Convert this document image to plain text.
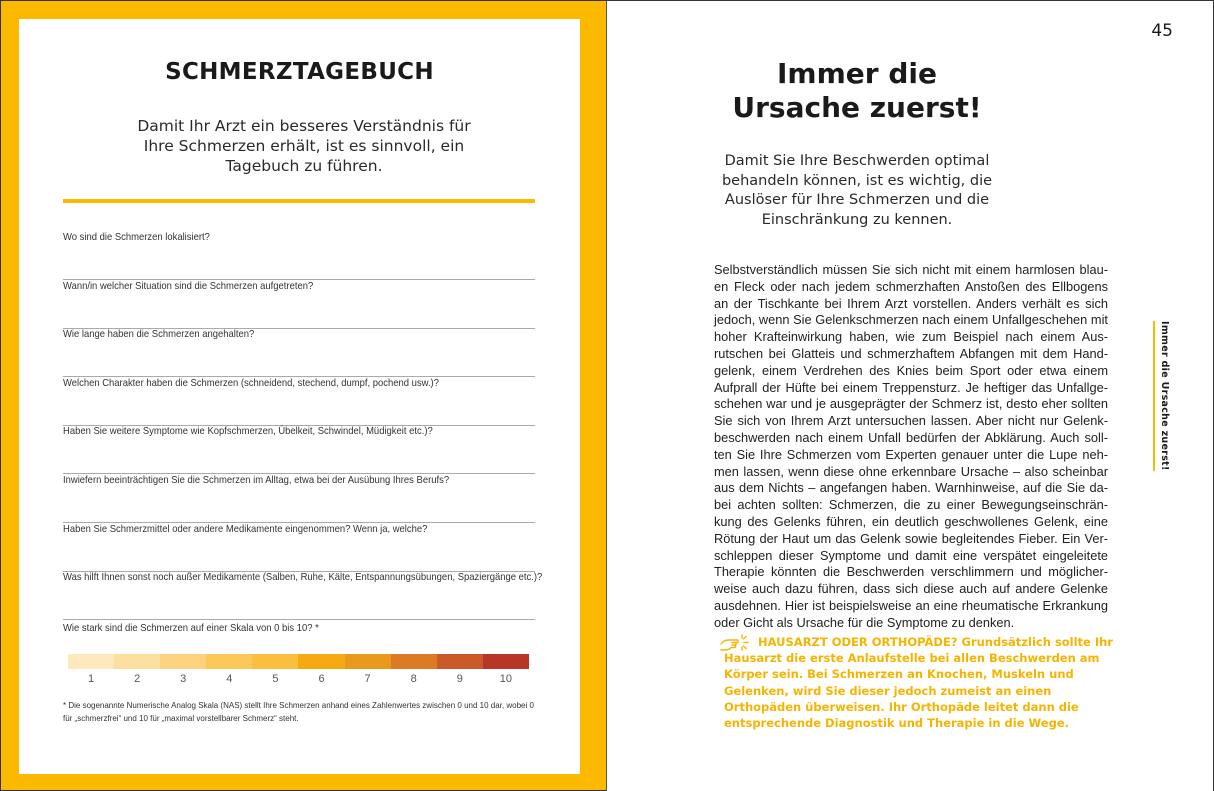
SCHMERZTAGEBUCH
Damit Ihr Arzt ein besseres Verständnis für Ihre Schmerzen erhält, ist es sinnvoll, ein Tagebuch zu führen.
Wo sind die Schmerzen lokalisiert?
Wann/in welcher Situation sind die Schmerzen aufgetreten?
Wie lange haben die Schmerzen angehalten?
Welchen Charakter haben die Schmerzen (schneidend, stechend, dumpf, pochend usw.)?
Haben Sie weitere Symptome wie Kopfschmerzen, Übelkeit, Schwindel, Müdigkeit etc.)?
Inwiefern beeinträchtigen Sie die Schmerzen im Alltag, etwa bei der Ausübung Ihres Berufs?
Haben Sie Schmerzmittel oder andere Medikamente eingenommen? Wenn ja, welche?
Was hilft Ihnen sonst noch außer Medikamente (Salben, Ruhe, Kälte, Entspannungsübungen, Spaziergänge etc.)?
Wie stark sind die Schmerzen auf einer Skala von 0 bis 10? *
1	2	3	4	5	6	7	8	9	10
* Die sogenannte Numerische Analog Skala (NAS) stellt Ihre Schmerzen anhand eines Zahlenwertes zwischen 0 und 10 dar, wobei 0 für „schmerzfrei“ und 10 für „maximal vorstellbarer Schmerz“ steht.
45
Immer die
Ursache zuerst!
Damit Sie Ihre Beschwerden optimal behandeln können, ist es wichtig, die Auslöser für Ihre Schmerzen und die Einschränkung zu kennen.
Selbstverständlich müssen Sie sich nicht mit einem harmlosen blauen Fleck oder nach jedem schmerzhaften Anstoßen des Ellbogens an der Tischkante bei Ihrem Arzt vorstellen. Anders verhält es sich jedoch, wenn Sie Gelenkschmerzen nach einem Unfallgeschehen mit hoher Krafteinwirkung haben, wie zum Beispiel nach einem Ausrutschen bei Glatteis und schmerzhaftem Abfangen mit dem Handgelenk, einem Verdrehen des Knies beim Sport oder etwa einem Aufprall der Hüfte bei einem Treppensturz. Je heftiger das Unfallgeschehen war und je ausgeprägter der Schmerz ist, desto eher sollten Sie sich von Ihrem Arzt untersuchen lassen. Aber nicht nur Gelenkbeschwerden nach einem Unfall bedürfen der Abklärung. Auch sollten Sie Ihre Schmerzen vom Experten genauer unter die Lupe nehmen lassen, wenn diese ohne erkennbare Ursache – also scheinbar aus dem Nichts – angefangen haben. Warnhinweise, auf die Sie dabei achten sollten: Schmerzen, die zu einer Bewegungseinschränkung des Gelenks führen, ein deutlich geschwollenes Gelenk, eine Rötung der Haut um das Gelenk sowie begleitendes Fieber. Ein Verschleppen dieser Symptome und damit eine verspätet eingeleitete Therapie könnten die Beschwerden verschlimmern und möglicherweise auch dazu führen, dass sich diese auch auf andere Gelenke ausdehnen. Hier ist beispielsweise an eine rheumatische Erkrankung oder Gicht als Ursache für die Symptome zu denken.
HAUSARZT ODER ORTHOPÄDE? Grundsätzlich sollte Ihr Hausarzt die erste Anlaufstelle bei allen Beschwerden am Körper sein. Bei Schmerzen an Knochen, Muskeln und Gelenken, wird Sie dieser jedoch zumeist an einen Orthopäden überweisen. Ihr Orthopäde leitet dann die entsprechende Diagnostik und Therapie in die Wege.
Immer die Ursache zuerst!
